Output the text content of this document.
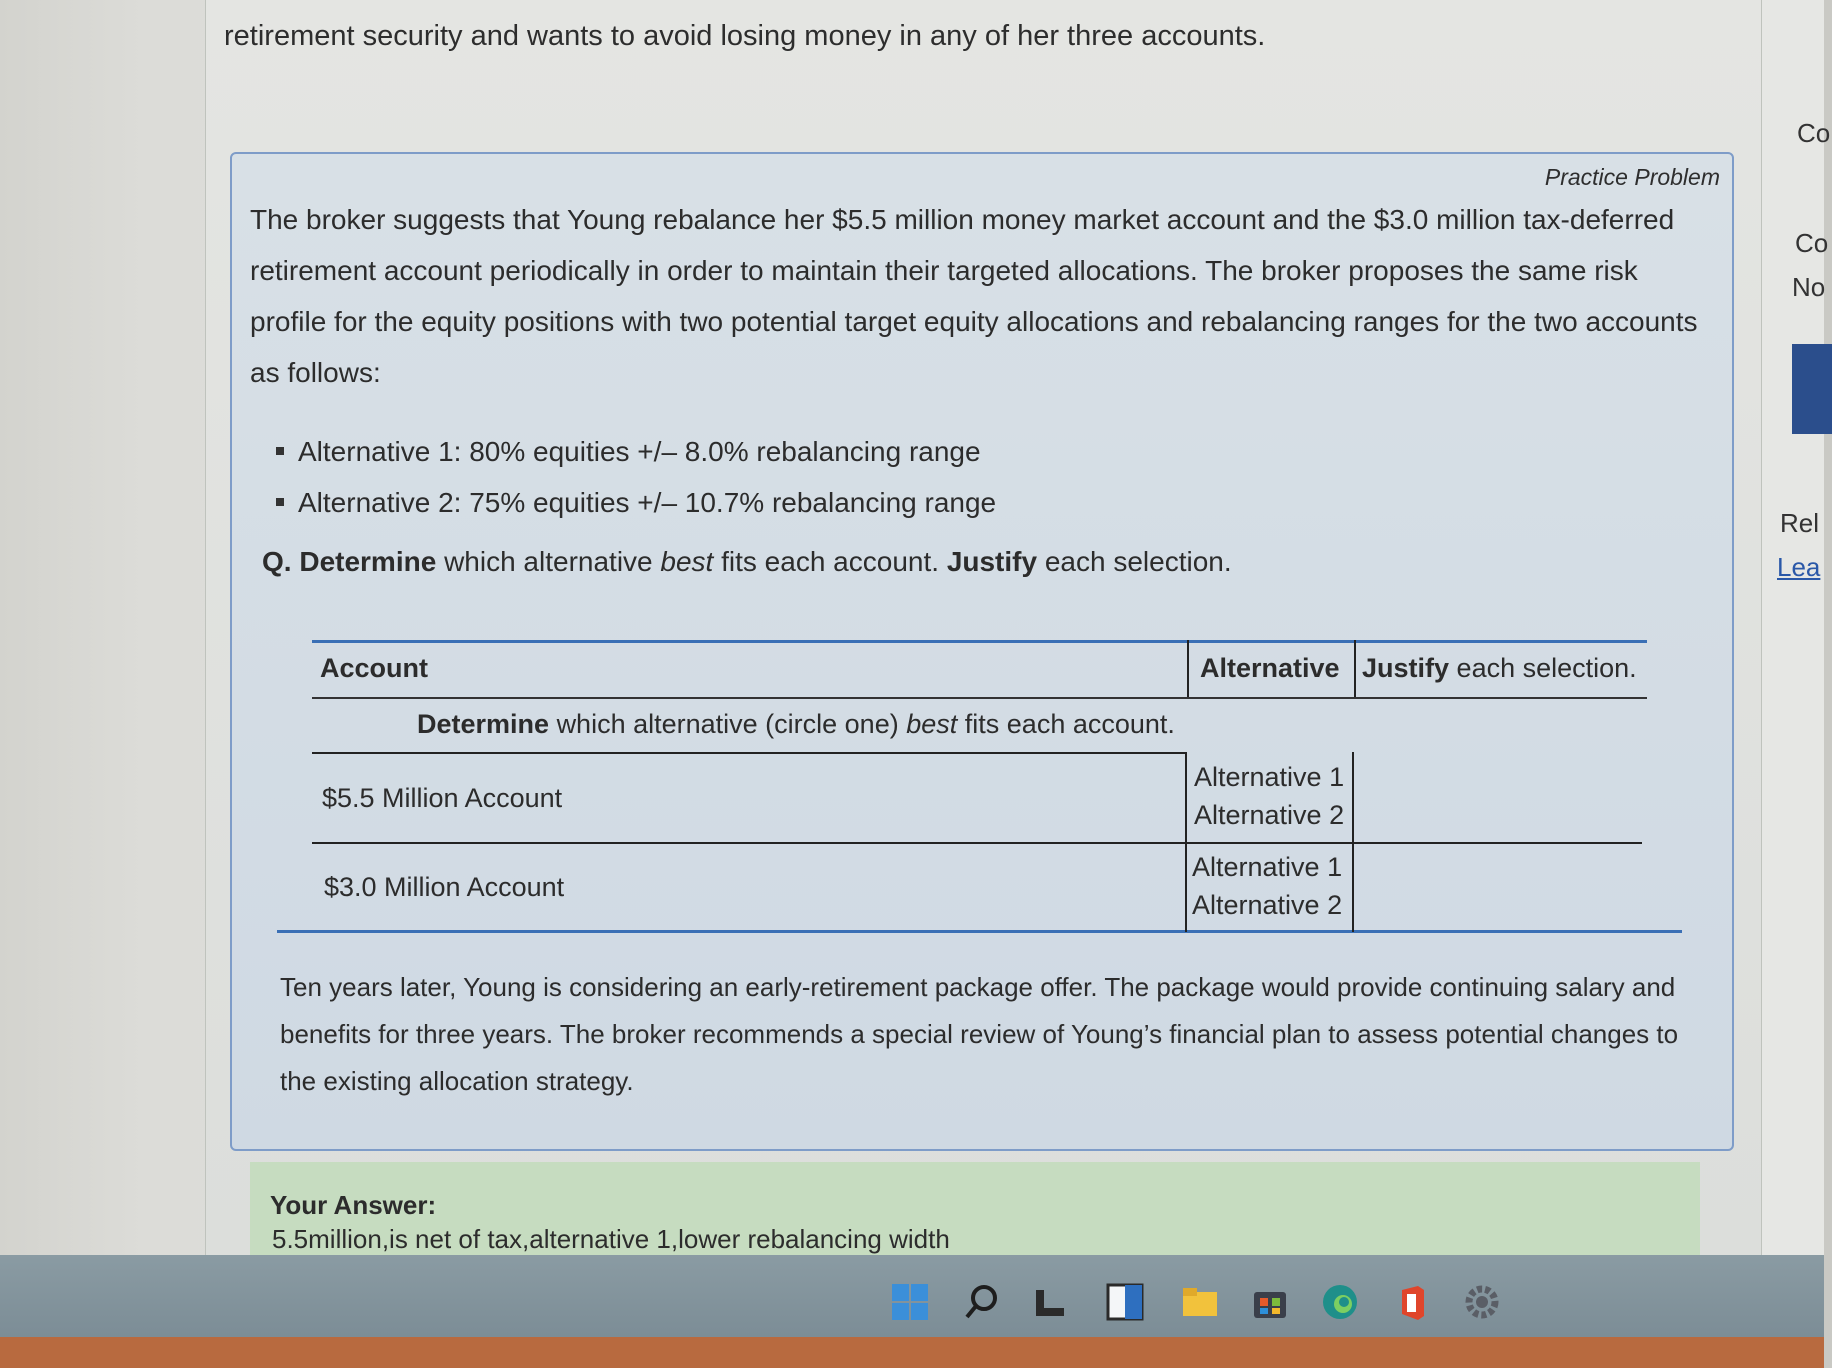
retirement security and wants to avoid losing money in any of her three accounts.
Practice Problem
The broker suggests that Young rebalance her $5.5 million money market account and the $3.0 million tax-deferred retirement account periodically in order to maintain their targeted allocations. The broker proposes the same risk profile for the equity positions with two potential target equity allocations and rebalancing ranges for the two accounts as follows:
Alternative 1: 80% equities +/– 8.0% rebalancing range
Alternative 2: 75% equities +/– 10.7% rebalancing range
Q. Determine which alternative best fits each account. Justify each selection.
Account	Alternative Justify each selection.
Determine which alternative (circle one) best fits each account.
$5.5 Million Account
Alternative 1
Alternative 2
$3.0 Million Account
Alternative 1
Alternative 2
Ten years later, Young is considering an early-retirement package offer. The package would provide continuing salary and benefits for three years. The broker recommends a special review of Young’s financial plan to assess potential changes to the existing allocation strategy.
Your Answer:
5.5million,is net of tax,alternative 1,lower rebalancing width
Co
Co
No
Rel
Lea
